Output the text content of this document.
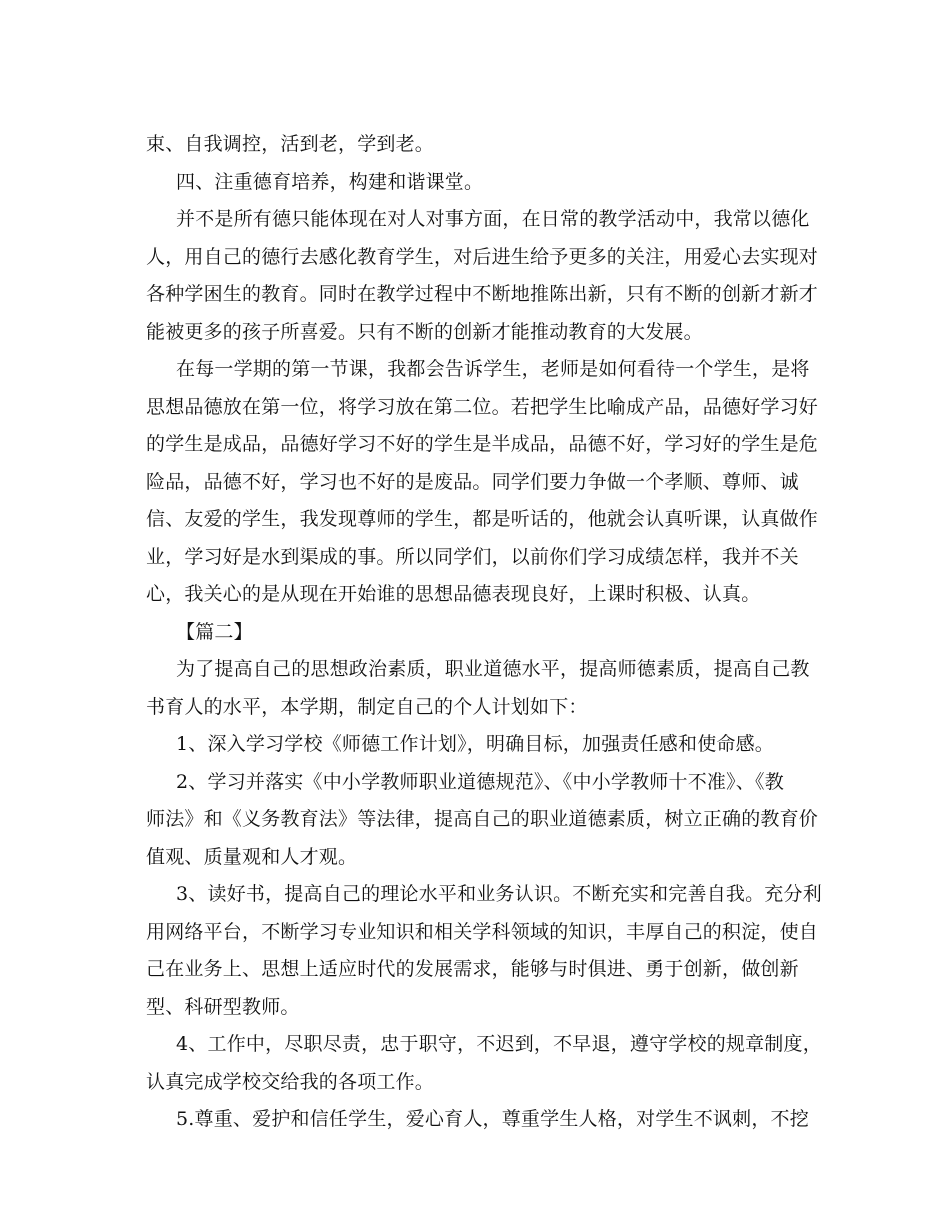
束、自我调控，活到老，学到老。
四、注重德育培养，构建和谐课堂。
并不是所有德只能体现在对人对事方面，在日常的教学活动中，我常以德化
人，用自己的德行去感化教育学生，对后进生给予更多的关注，用爱心去实现对
各种学困生的教育。同时在教学过程中不断地推陈出新，只有不断的创新才新才
能被更多的孩子所喜爱。只有不断的创新才能推动教育的大发展。
在每一学期的第一节课，我都会告诉学生，老师是如何看待一个学生，是将
思想品德放在第一位，将学习放在第二位。若把学生比喻成产品，品德好学习好
的学生是成品，品德好学习不好的学生是半成品，品德不好，学习好的学生是危
险品，品德不好，学习也不好的是废品。同学们要力争做一个孝顺、尊师、诚
信、友爱的学生，我发现尊师的学生，都是听话的，他就会认真听课，认真做作
业，学习好是水到渠成的事。所以同学们，以前你们学习成绩怎样，我并不关
心，我关心的是从现在开始谁的思想品德表现良好，上课时积极、认真。
【篇二】
为了提高自己的思想政治素质，职业道德水平，提高师德素质，提高自己教
书育人的水平，本学期，制定自己的个人计划如下：
1、深入学习学校《师德工作计划》，明确目标，加强责任感和使命感。
2、学习并落实《中小学教师职业道德规范》、《中小学教师十不准》、《教
师法》和《义务教育法》等法律，提高自己的职业道德素质，树立正确的教育价
值观、质量观和人才观。
3、读好书，提高自己的理论水平和业务认识。不断充实和完善自我。充分利
用网络平台，不断学习专业知识和相关学科领域的知识，丰厚自己的积淀，使自
己在业务上、思想上适应时代的发展需求，能够与时俱进、勇于创新，做创新
型、科研型教师。
4、工作中，尽职尽责，忠于职守，不迟到，不早退，遵守学校的规章制度，
认真完成学校交给我的各项工作。
5.尊重、爱护和信任学生，爱心育人，尊重学生人格，对学生不讽刺，不挖
